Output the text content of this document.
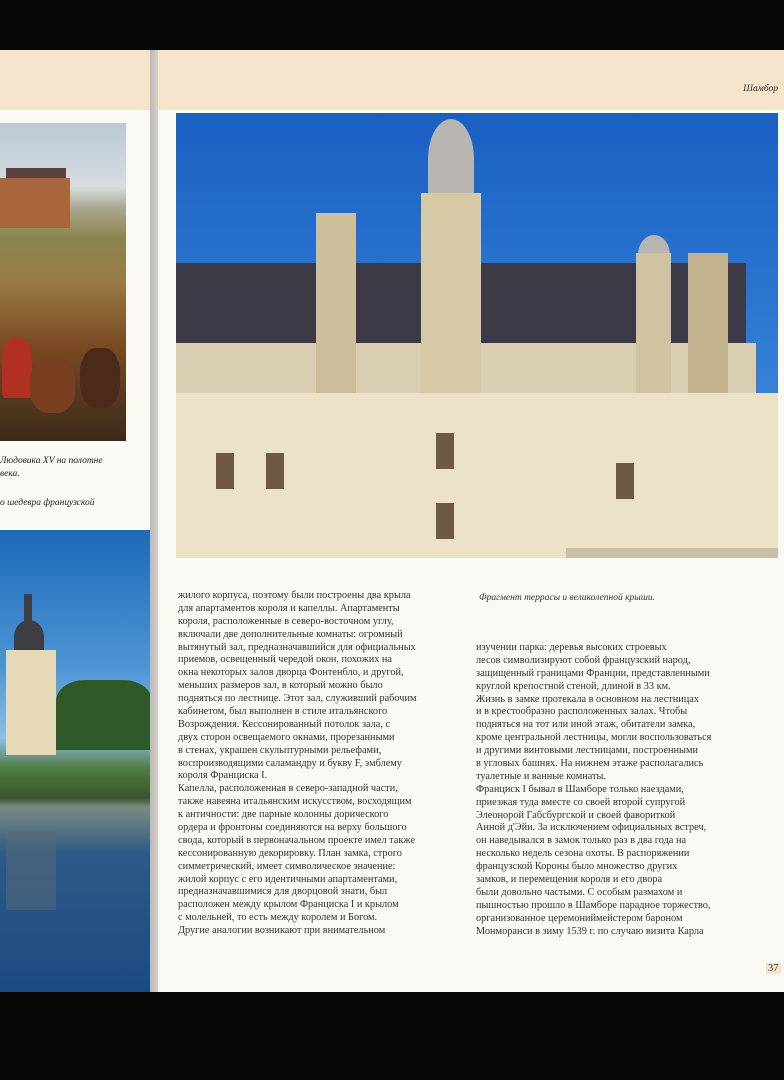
Людовика XV на полотне
века.
о шедевра французской
Шамбор
Фрагмент террасы и великолепной крыши.
жилого корпуса, поэтому были построены два крыла
для апартаментов короля и капеллы. Апартаменты
короля, расположенные в северо-восточном углу,
включали две дополнительные комнаты: огромный
вытянутый зал, предназначавшийся для официальных
приемов, освещенный чередой окон, похожих на
окна некоторых залов дворца Фонтенбло, и другой,
меньших размеров зал, в который можно было
подняться по лестнице. Этот зал, служивший рабочим
кабинетом, был выполнен в стиле итальянского
Возрождения. Кессонированный потолок зала, с
двух сторон освещаемого окнами, прорезанными
в стенах, украшен скульптурными рельефами,
воспроизводящими саламандру и букву F, эмблему
короля Франциска I.
Капелла, расположенная в северо-западной части,
также навеяна итальянским искусством, восходящим
к античности: две парные колонны дорического
ордера и фронтоны соединяются на верху большого
свода, который в первоначальном проекте имел также
кессонированную декорировку. План замка, строго
симметрический, имеет символическое значение:
жилой корпус с его идентичными апартаментами,
предназначавшимися для дворцовой знати, был
расположен между крылом Франциска I и крылом
с молельней, то есть между королем и Богом.
Другие аналогии возникают при внимательном
изучении парка: деревья высоких строевых
лесов символизируют собой французский народ,
защищенный границами Франции, представленными
круглой крепостной стеной, длиной в 33 км.
Жизнь в замке протекала в основном на лестницах
и в крестообразно расположенных залах. Чтобы
подняться на тот или иной этаж, обитатели замка,
кроме центральной лестницы, могли воспользоваться
и другими винтовыми лестницами, построенными
в угловых башнях. На нижнем этаже располагались
туалетные и ванные комнаты.
Франциск I бывал в Шамборе только наездами,
приезжая туда вместе со своей второй супругой
Элеонорой Габсбургской и своей фавориткой
Анной д'Эйи. За исключением официальных встреч,
он наведывался в замок только раз в два года на
несколько недель сезона охоты. В распоряжении
французской Короны было множество других
замков, и перемещения короля и его двора
были довольно частыми. С особым размахом и
пышностью прошло в Шамборе парадное торжество,
организованное церемониймейстером бароном
Монморанси в зиму 1539 г. по случаю визита Карла
37
